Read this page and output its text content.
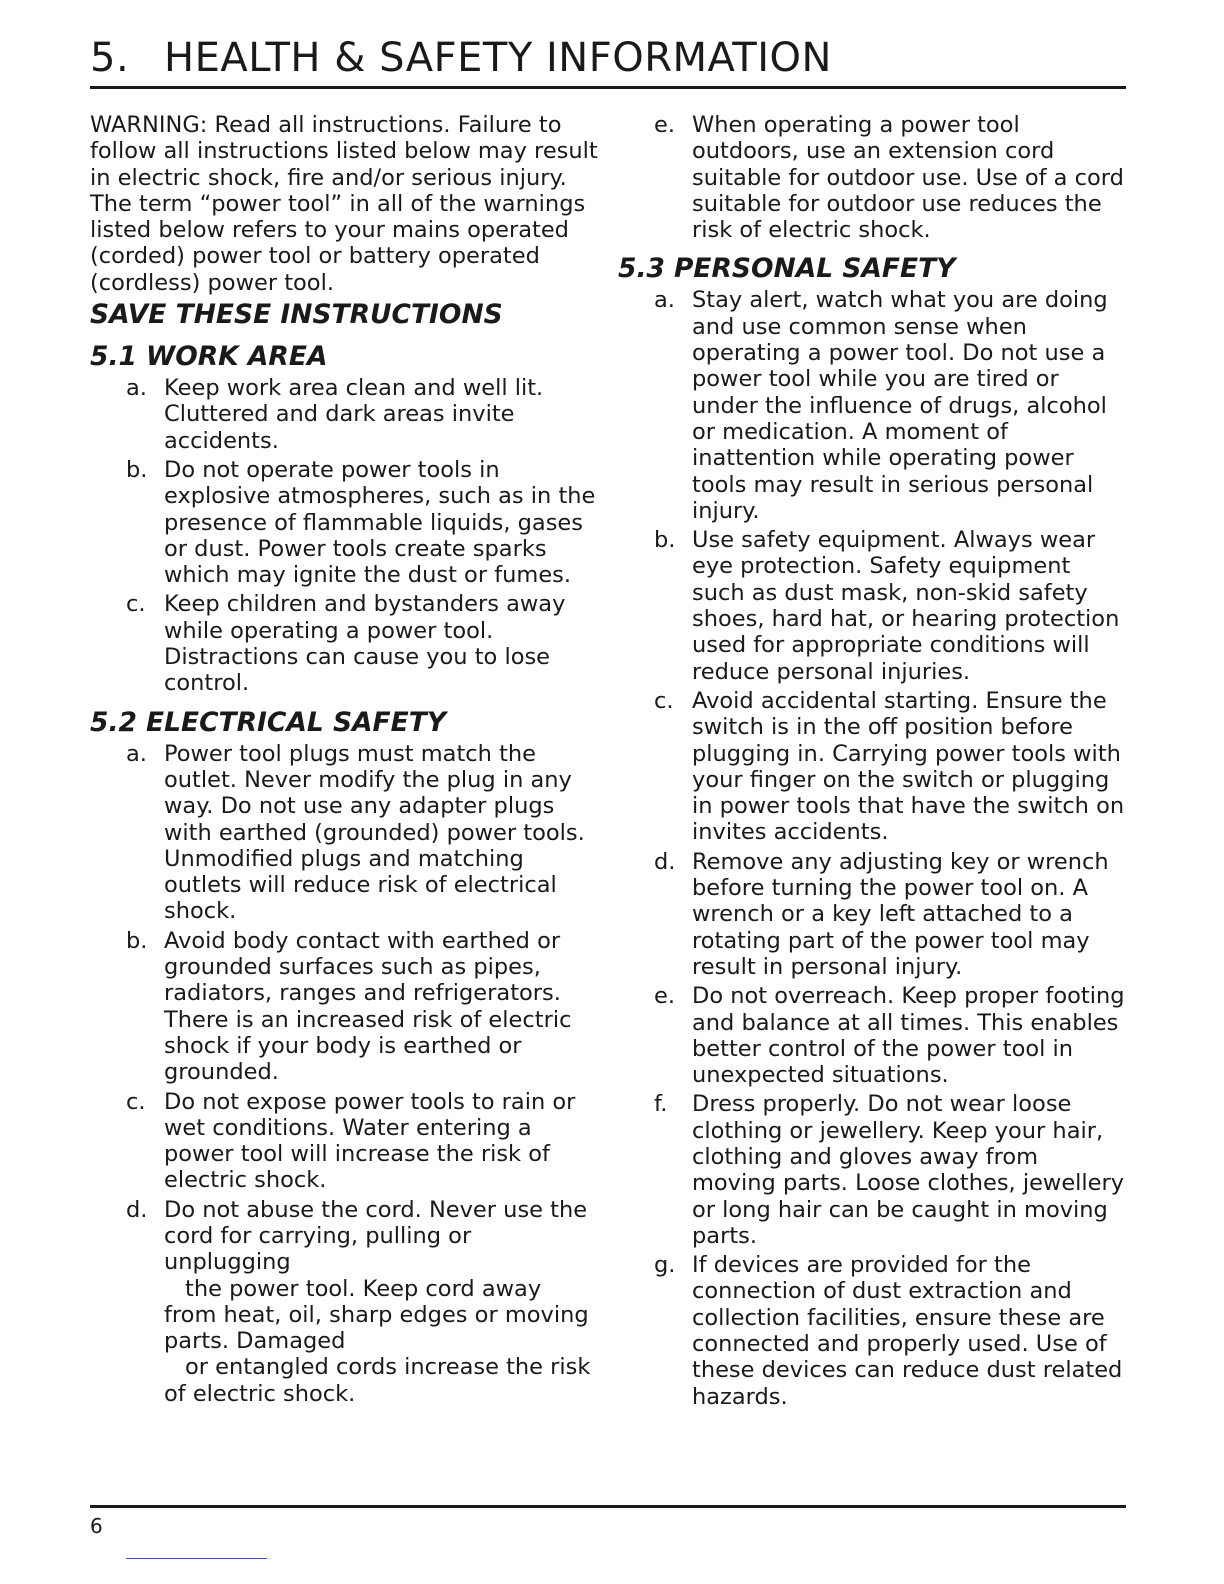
5. HEALTH & SAFETY INFORMATION

WARNING: Read all instructions. Failure to follow all instructions listed below may result in electric shock, fire and/or serious injury. The term “power tool” in all of the warnings listed below refers to your mains operated (corded) power tool or battery operated (cordless) power tool.

SAVE THESE INSTRUCTIONS
5.1 WORK AREA
a. Keep work area clean and well lit. Cluttered and dark areas invite accidents.
b. Do not operate power tools in explosive atmospheres, such as in the presence of flammable liquids, gases or dust. Power tools create sparks which may ignite the dust or fumes.
c. Keep children and bystanders away while operating a power tool. Distractions can cause you to lose control.
5.2 ELECTRICAL SAFETY
a. Power tool plugs must match the outlet. Never modify the plug in any way. Do not use any adapter plugs with earthed (grounded) power tools. Unmodified plugs and matching outlets will reduce risk of electrical shock.
b. Avoid body contact with earthed or grounded surfaces such as pipes, radiators, ranges and refrigerators. There is an increased risk of electric shock if your body is earthed or grounded.
c. Do not expose power tools to rain or wet conditions. Water entering a power tool will increase the risk of electric shock.
d. Do not abuse the cord. Never use the cord for carrying, pulling or unplugging
the power tool. Keep cord away from heat, oil, sharp edges or moving parts. Damaged
or entangled cords increase the risk of electric shock.
e. When operating a power tool outdoors, use an extension cord suitable for outdoor use. Use of a cord suitable for outdoor use reduces the risk of electric shock.
5.3 PERSONAL SAFETY
a. Stay alert, watch what you are doing and use common sense when operating a power tool. Do not use a power tool while you are tired or under the influence of drugs, alcohol or medication. A moment of inattention while operating power tools may result in serious personal injury.
b. Use safety equipment. Always wear eye protection. Safety equipment such as dust mask, non-skid safety shoes, hard hat, or hearing protection used for appropriate conditions will reduce personal injuries.
c. Avoid accidental starting. Ensure the switch is in the off position before plugging in. Carrying power tools with your finger on the switch or plugging in power tools that have the switch on invites accidents.
d. Remove any adjusting key or wrench before turning the power tool on. A wrench or a key left attached to a rotating part of the power tool may result in personal injury.
e. Do not overreach. Keep proper footing and balance at all times. This enables better control of the power tool in unexpected situations.
f. Dress properly. Do not wear loose clothing or jewellery. Keep your hair, clothing and gloves away from moving parts. Loose clothes, jewellery or long hair can be caught in moving parts.
g. If devices are provided for the connection of dust extraction and collection facilities, ensure these are connected and properly used. Use of these devices can reduce dust related hazards.
6
